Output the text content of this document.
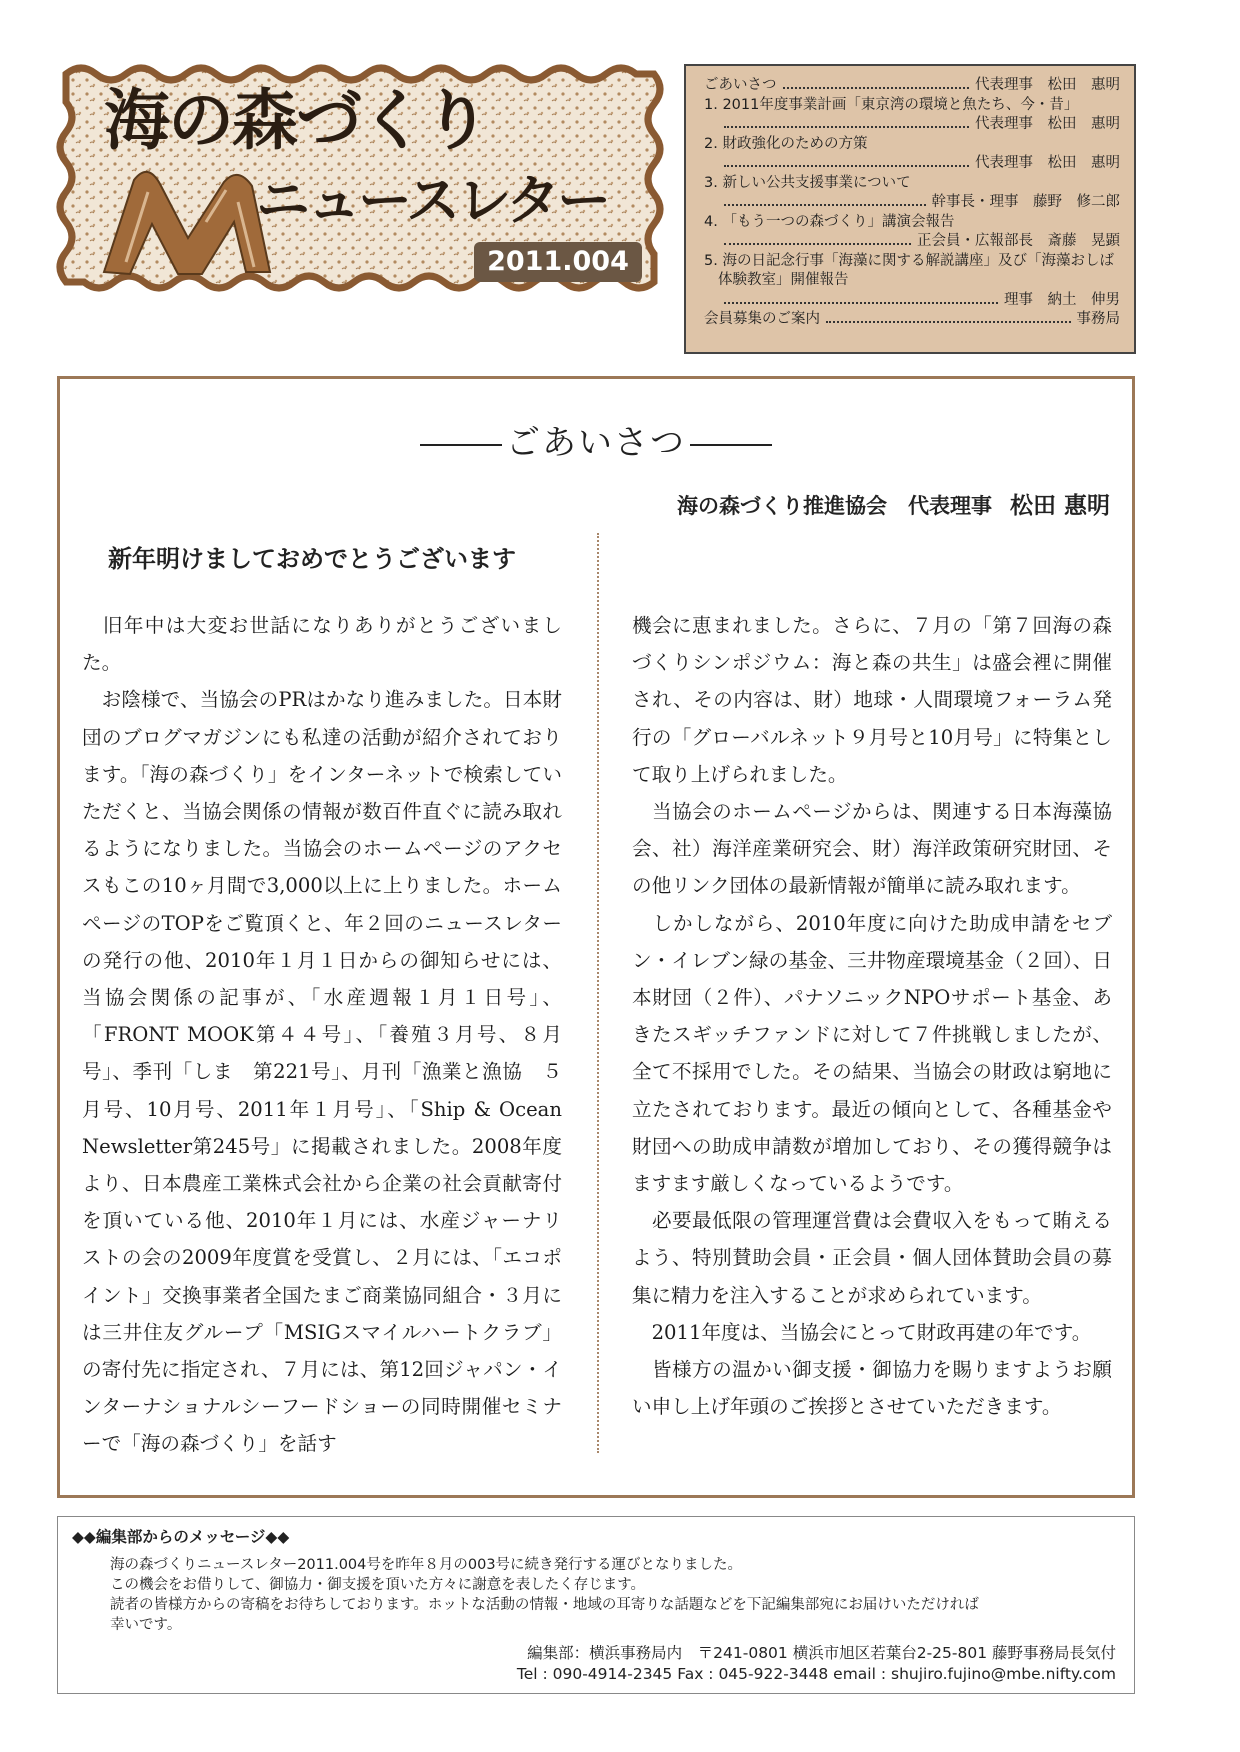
海の森づくり
ニュースレター
2011.004号
ごあいさつ	代表理事　松田　惠明
1. 2011年度事業計画「東京湾の環境と魚たち、今・昔」
代表理事　松田　惠明
2. 財政強化のための方策
代表理事　松田　惠明
3. 新しい公共支援事業について
幹事長・理事　藤野　修二郎
4. 「もう一つの森づくり」講演会報告
正会員・広報部長　斎藤　晃顕
5. 海の日記念行事「海藻に関する解説講座」及び「海藻おしば
体験教室」開催報告
理事　納土　伸男
会員募集のご案内	事務局
ごあいさつ
海の森づくり推進協会　代表理事 松田 惠明
新年明けましておめでとうございます

　旧年中は大変お世話になりありがとうございました。

　お陰様で、当協会のPRはかなり進みました。日本財団のブログマガジンにも私達の活動が紹介されております。「海の森づくり」をインターネットで検索していただくと、当協会関係の情報が数百件直ぐに読み取れるようになりました。当協会のホームページのアクセスもこの10ヶ月間で3,000以上に上りました。ホームページのTOPをご覧頂くと、年２回のニュースレターの発行の他、2010年１月１日からの御知らせには、当協会関係の記事が、「水産週報１月１日号」、「FRONT MOOK第４４号」、「養殖３月号、８月号」、季刊「しま　第221号」、月刊「漁業と漁協　５月号、10月号、2011年１月号」、「Ship & Ocean Newsletter第245号」に掲載されました。2008年度より、日本農産工業株式会社から企業の社会貢献寄付を頂いている他、2010年１月には、水産ジャーナリストの会の2009年度賞を受賞し、２月には、「エコポイント」交換事業者全国たまご商業協同組合・３月には三井住友グループ「MSIGスマイルハートクラブ」の寄付先に指定され、７月には、第12回ジャパン・インターナショナルシーフードショーの同時開催セミナーで「海の森づくり」を話す

機会に恵まれました。さらに、７月の「第７回海の森づくりシンポジウム：海と森の共生」は盛会裡に開催され、その内容は、財）地球・人間環境フォーラム発行の「グローバルネット９月号と10月号」に特集として取り上げられました。

　当協会のホームページからは、関連する日本海藻協会、社）海洋産業研究会、財）海洋政策研究財団、その他リンク団体の最新情報が簡単に読み取れます。

　しかしながら、2010年度に向けた助成申請をセブン・イレブン緑の基金、三井物産環境基金（２回）、日本財団（２件）、パナソニックNPOサポート基金、あきたスギッチファンドに対して７件挑戦しましたが、全て不採用でした。その結果、当協会の財政は窮地に立たされております。最近の傾向として、各種基金や財団への助成申請数が増加しており、その獲得競争はますます厳しくなっているようです。

　必要最低限の管理運営費は会費収入をもって賄えるよう、特別賛助会員・正会員・個人団体賛助会員の募集に精力を注入することが求められています。

　2011年度は、当協会にとって財政再建の年です。

　皆様方の温かい御支援・御協力を賜りますようお願い申し上げ年頭のご挨拶とさせていただきます。

◆◆編集部からのメッセージ◆◆
海の森づくりニュースレター2011.004号を昨年８月の003号に続き発行する運びとなりました。
この機会をお借りして、御協力・御支援を頂いた方々に謝意を表したく存じます。
読者の皆様方からの寄稿をお待ちしております。ホットな活動の情報・地域の耳寄りな話題などを下記編集部宛にお届けいただければ
幸いです。
編集部：横浜事務局内　〒241-0801 横浜市旭区若葉台2-25-801 藤野事務局長気付
Tel : 090-4914-2345 Fax : 045-922-3448 email : shujiro.fujino@mbe.nifty.com
